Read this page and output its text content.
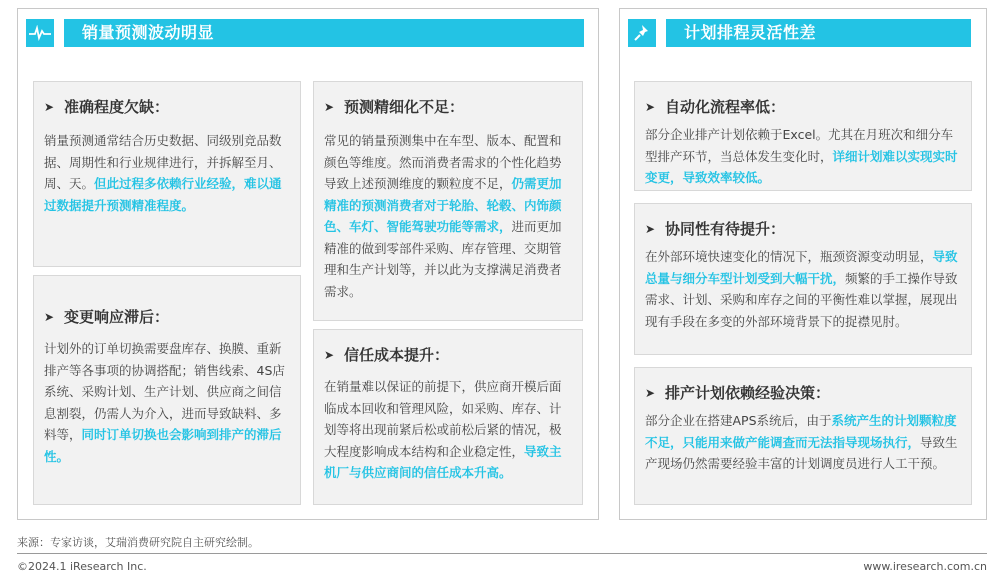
销量预测波动明显
➤ 准确程度欠缺：
销量预测通常结合历史数据、同级别竞品数据、周期性和行业规律进行，并拆解至月、周、天。但此过程多依赖行业经验，难以通过数据提升预测精准程度。
➤ 变更响应滞后：
计划外的订单切换需要盘库存、换膜、重新排产等各事项的协调搭配；销售线索、4S店系统、采购计划、生产计划、供应商之间信息割裂，仍需人为介入，进而导致缺料、多料等，同时订单切换也会影响到排产的滞后性。
➤ 预测精细化不足：
常见的销量预测集中在车型、版本、配置和颜色等维度。然而消费者需求的个性化趋势导致上述预测维度的颗粒度不足，仍需更加精准的预测消费者对于轮胎、轮毂、内饰颜色、车灯、智能驾驶功能等需求，进而更加精准的做到零部件采购、库存管理、交期管理和生产计划等，并以此为支撑满足消费者需求。
➤ 信任成本提升：
在销量难以保证的前提下，供应商开模后面临成本回收和管理风险，如采购、库存、计划等将出现前紧后松或前松后紧的情况，极大程度影响成本结构和企业稳定性，导致主机厂与供应商间的信任成本升高。
计划排程灵活性差
➤ 自动化流程率低：
部分企业排产计划依赖于Excel。尤其在月班次和细分车型排产环节，当总体发生变化时，详细计划难以实现实时变更，导致效率较低。
➤ 协同性有待提升：
在外部环境快速变化的情况下，瓶颈资源变动明显，导致总量与细分车型计划受到大幅干扰，频繁的手工操作导致需求、计划、采购和库存之间的平衡性难以掌握，展现出现有手段在多变的外部环境背景下的捉襟见肘。
➤ 排产计划依赖经验决策：
部分企业在搭建APS系统后，由于系统产生的计划颗粒度不足，只能用来做产能调查而无法指导现场执行，导致生产现场仍然需要经验丰富的计划调度员进行人工干预。
来源：专家访谈，艾瑞消费研究院自主研究绘制。
©2024.1 iResearch Inc.	www.iresearch.com.cn
